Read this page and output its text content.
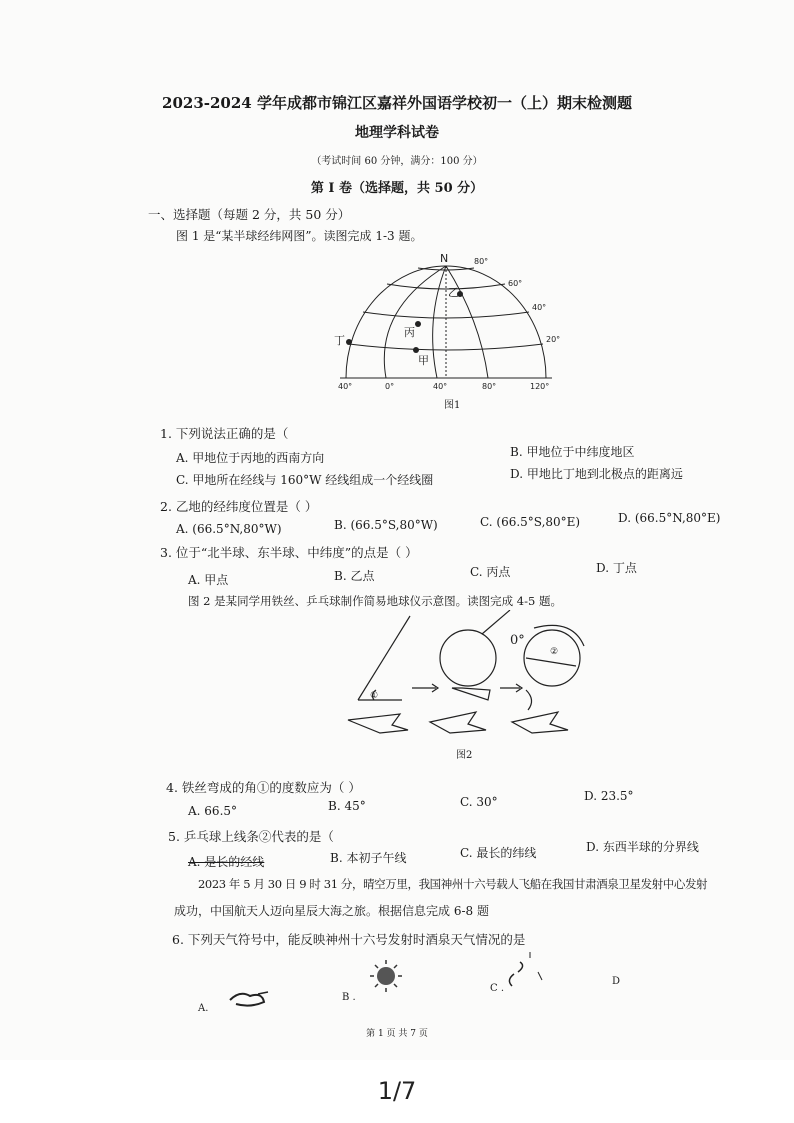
2023-2024 学年成都市锦江区嘉祥外国语学校初一（上）期末检测题
地理学科试卷
（考试时间 60 分钟，满分：100 分）
第 I 卷（选择题，共 50 分）
一、选择题（每题 2 分，共 50 分）
图 1 是“某半球经纬网图”。读图完成 1-3 题。
N	80°
60°
40°
20°
40°	0°	40°	80°	120°
乙
丙
丁
甲
图1
1. 下列说法正确的是（
A. 甲地位于丙地的西南方向	B. 甲地位于中纬度地区
C. 甲地所在经线与 160°W 经线组成一个经线圈	D. 甲地比丁地到北极点的距离远
2. 乙地的经纬度位置是（ ）
A. (66.5°N,80°W)	B. (66.5°S,80°W)	C. (66.5°S,80°E)	D. (66.5°N,80°E)
3. 位于“北半球、东半球、中纬度”的点是（ ）
A. 甲点	B. 乙点	C. 丙点	D. 丁点
图 2 是某同学用铁丝、乒乓球制作简易地球仪示意图。读图完成 4-5 题。
①
②
0°
图2
4. 铁丝弯成的角①的度数应为（ ）
A. 66.5°	B. 45°	C. 30°	D. 23.5°
5. 乒乓球上线条②代表的是（
A. 是长的经线	B. 本初子午线	C. 最长的纬线	D. 东西半球的分界线
2023 年 5 月 30 日 9 时 31 分，晴空万里，我国神州十六号载人飞船在我国甘肃酒泉卫星发射中心发射
成功，中国航天人迈向星辰大海之旅。根据信息完成 6-8 题
6. 下列天气符号中，能反映神州十六号发射时酒泉天气情况的是
A.
B .
C .
D
第 1 页 共 7 页
1/7
